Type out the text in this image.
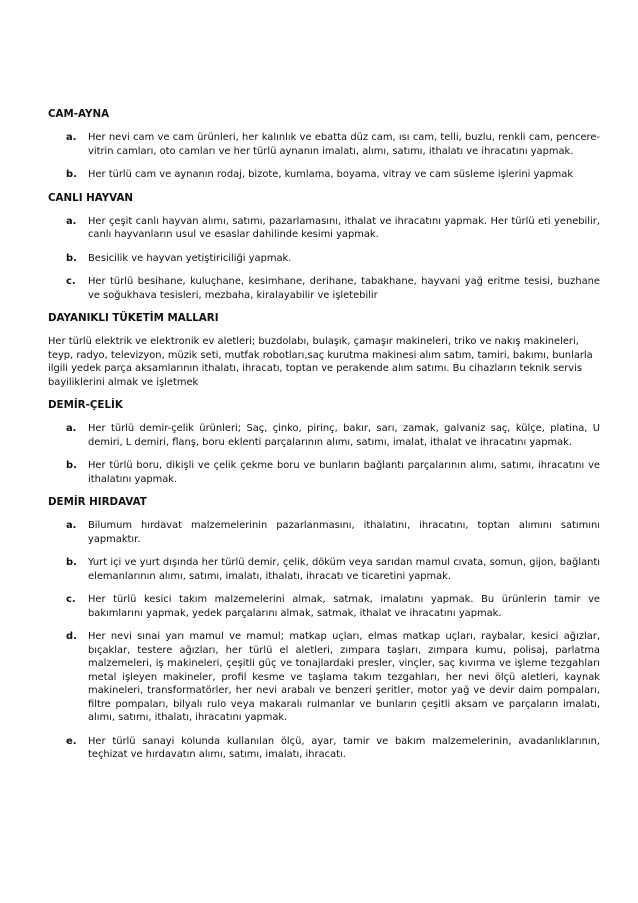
CAM-AYNA
a. Her nevi cam ve cam ürünleri, her kalınlık ve ebatta düz cam, ısı cam, telli, buzlu, renkli cam, pencere-vitrin camları, oto camları ve her türlü aynanın imalatı, alımı, satımı, ithalatı ve ihracatını yapmak.
b. Her türlü cam ve aynanın rodaj, bizote, kumlama, boyama, vitray ve cam süsleme işlerini yapmak
CANLI HAYVAN
a. Her çeşit canlı hayvan alımı, satımı, pazarlamasını, ithalat ve ihracatını yapmak. Her türlü eti yenebilir, canlı hayvanların usul ve esaslar dahilinde kesimi yapmak.
b. Besicilik ve hayvan yetiştiriciliği yapmak.
c. Her türlü besihane, kuluçhane, kesimhane, derihane, tabakhane, hayvani yağ eritme tesisi, buzhane ve soğukhava tesisleri, mezbaha, kiralayabilir ve işletebilir
DAYANIKLI TÜKETİM MALLARI
Her türlü elektrik ve elektronik ev aletleri; buzdolabı, bulaşık, çamaşır makineleri, triko ve nakış makineleri, teyp, radyo, televizyon, müzik seti, mutfak robotları,saç kurutma makinesi alım satım, tamiri, bakımı, bunlarla ilgili yedek parça aksamlarının ithalatı, ihracatı, toptan ve perakende alım satımı. Bu cihazların teknik servis bayiliklerini almak ve işletmek
DEMİR-ÇELİK
a. Her türlü demir-çelik ürünleri; Saç, çinko, pirinç, bakır, sarı, zamak, galvaniz saç, külçe, platina, U demiri, L demiri, flanş, boru eklenti parçalarının alımı, satımı, imalat, ithalat ve ihracatını yapmak.
b. Her türlü boru, dikişli ve çelik çekme boru ve bunların bağlantı parçalarının alımı, satımı, ihracatını ve ithalatını yapmak.
DEMİR HIRDAVAT
a. Bilumum hırdavat malzemelerinin pazarlanmasını, ithalatını, ihracatını, toptan alımını satımını yapmaktır.
b. Yurt içi ve yurt dışında her türlü demir, çelik, döküm veya sarıdan mamul cıvata, somun, gijon, bağlantı elemanlarının alımı, satımı, imalatı, ithalatı, ihracatı ve ticaretini yapmak.
c. Her türlü kesici takım malzemelerini almak, satmak, imalatını yapmak. Bu ürünlerin tamir ve bakımlarını yapmak, yedek parçalarını almak, satmak, ithalat ve ihracatını yapmak.
d. Her nevi sınai yarı mamul ve mamul; matkap uçları, elmas matkap uçları, raybalar, kesici ağızlar, bıçaklar, testere ağızları, her türlü el aletleri, zımpara taşları, zımpara kumu, polisaj, parlatma malzemeleri, iş makineleri, çeşitli güç ve tonajlardaki presler, vinçler, saç kıvırma ve işleme tezgahları metal işleyen makineler, profil kesme ve taşlama takım tezgahları, her nevi ölçü aletleri, kaynak makineleri, transformatörler, her nevi arabalı ve benzeri şeritler, motor yağ ve devir daim pompaları, filtre pompaları, bilyalı rulo veya makaralı rulmanlar ve bunların çeşitli aksam ve parçaların imalatı, alımı, satımı, ithalatı, ihracatını yapmak.
e. Her türlü sanayi kolunda kullanılan ölçü, ayar, tamir ve bakım malzemelerinin, avadanlıklarının, teçhizat ve hırdavatın alımı, satımı, imalatı, ihracatı.
